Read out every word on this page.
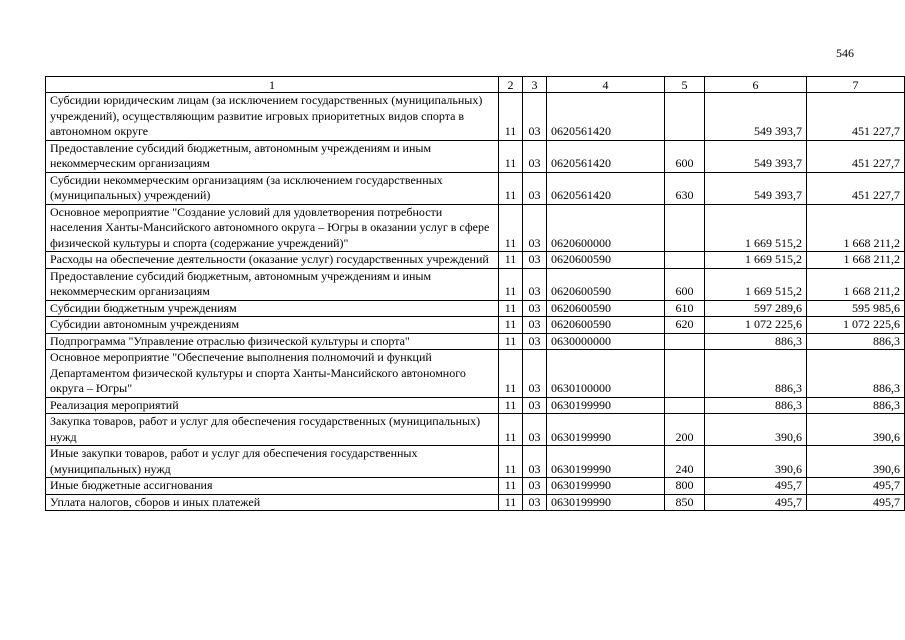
546
1	2	3	4	5	6	7
Субсидии юридическим лицам (за исключением государственных (муниципальных) учреждений), осуществляющим развитие игровых приоритетных видов спорта в автономном округе	11	03	0620561420		549 393,7	451 227,7
Предоставление субсидий бюджетным, автономным учреждениям и иным некоммерческим организациям	11	03	0620561420	600	549 393,7	451 227,7
Субсидии некоммерческим организациям (за исключением государственных (муниципальных) учреждений)	11	03	0620561420	630	549 393,7	451 227,7
Основное мероприятие "Создание условий для удовлетворения потребности населения Ханты-Мансийского автономного округа – Югры в оказании услуг в сфере физической культуры и спорта (содержание учреждений)"	11	03	0620600000		1 669 515,2	1 668 211,2
Расходы на обеспечение деятельности (оказание услуг) государственных учреждений	11	03	0620600590		1 669 515,2	1 668 211,2
Предоставление субсидий бюджетным, автономным учреждениям и иным некоммерческим организациям	11	03	0620600590	600	1 669 515,2	1 668 211,2
Субсидии бюджетным учреждениям	11	03	0620600590	610	597 289,6	595 985,6
Субсидии автономным учреждениям	11	03	0620600590	620	1 072 225,6	1 072 225,6
Подпрограмма "Управление отраслью физической культуры и спорта"	11	03	0630000000		886,3	886,3
Основное мероприятие "Обеспечение выполнения полномочий и функций Департаментом физической культуры и спорта Ханты-Мансийского автономного округа – Югры"	11	03	0630100000		886,3	886,3
Реализация мероприятий	11	03	0630199990		886,3	886,3
Закупка товаров, работ и услуг для обеспечения государственных (муниципальных) нужд	11	03	0630199990	200	390,6	390,6
Иные закупки товаров, работ и услуг для обеспечения государственных (муниципальных) нужд	11	03	0630199990	240	390,6	390,6
Иные бюджетные ассигнования	11	03	0630199990	800	495,7	495,7
Уплата налогов, сборов и иных платежей	11	03	0630199990	850	495,7	495,7
